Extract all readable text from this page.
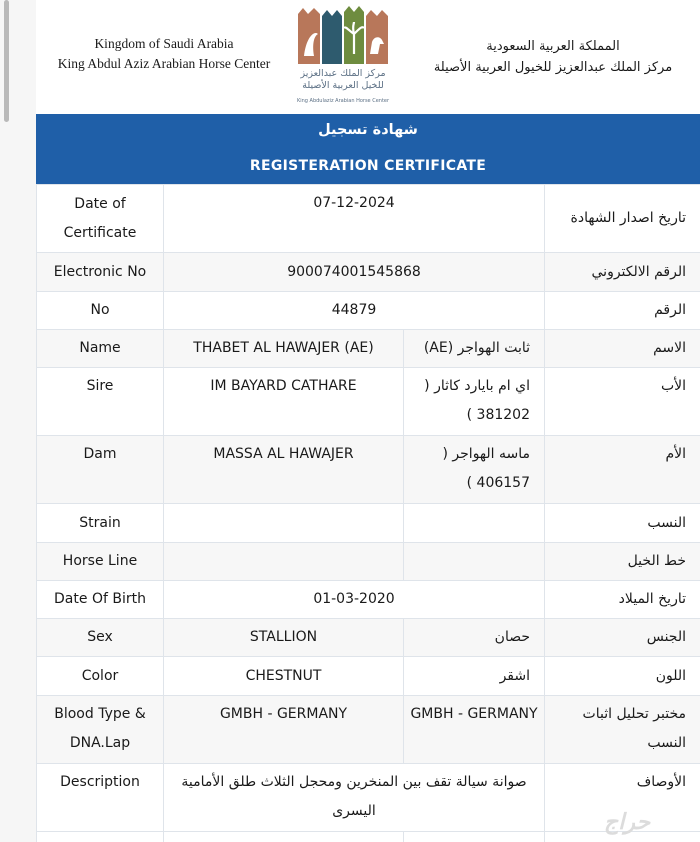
Kingdom of Saudi Arabia
King Abdul Aziz Arabian Horse Center
مركز الملك عبدالعزيز للخيل العربية الأصيلة
King Abdulaziz Arabian Horse Center
المملكة العربية السعودية
مركز الملك عبدالعزيز للخيول العربية الأصيلة
شهادة تسجيل
REGISTERATION CERTIFICATE
Date of Certificate	07-12-2024		تاريخ اصدار الشهادة
Electronic No	900074001545868		الرقم الالكتروني
No	44879		الرقم
Name	THABET AL HAWAJER (AE)	ثابت الهواجر (AE)	الاسم
Sire	IM BAYARD CATHARE	اي ام بايارد كاثار ( 381202 )	الأب
Dam	MASSA AL HAWAJER	ماسه الهواجر ( 406157 )	الأم
Strain			النسب
Horse Line			خط الخيل
Date Of Birth	01-03-2020		تاريخ الميلاد
Sex	STALLION	حصان	الجنس
Color	CHESTNUT	اشقر	اللون
Blood Type & DNA.Lap	GMBH - GERMANY	GMBH - GERMANY	مختبر تحليل اثبات النسب
Description	صوانة سيالة تقف بين المنخرين ومحجل الثلاث طلق الأمامية اليسرى		الأوصاف

حراج
